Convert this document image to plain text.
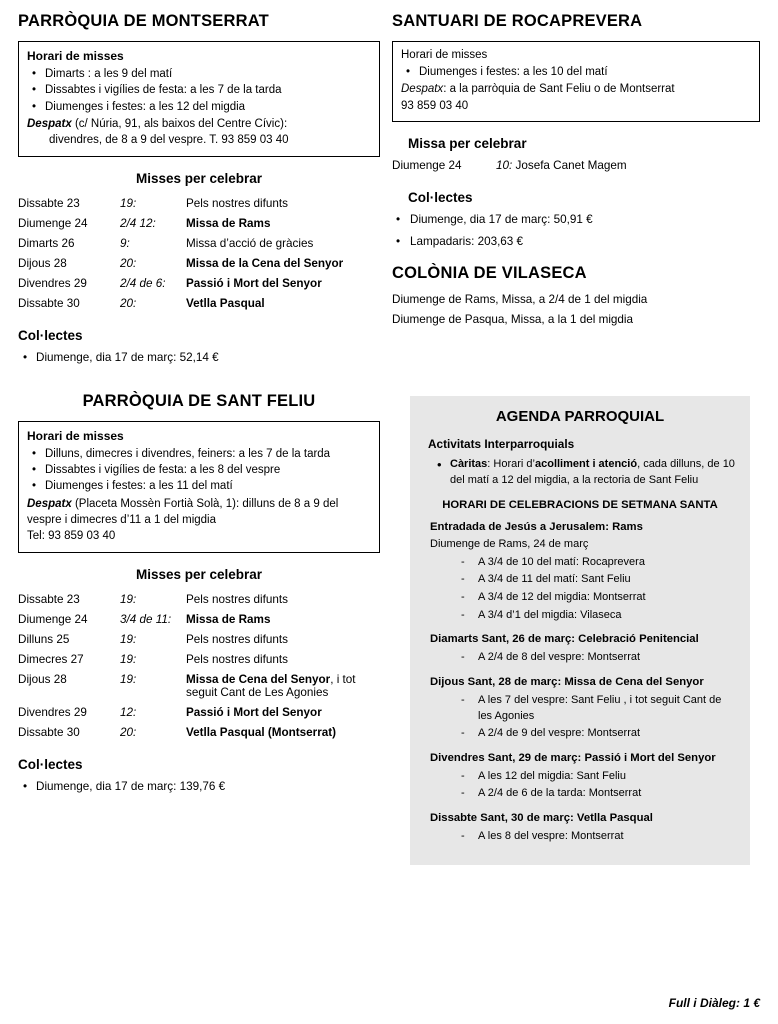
PARRÒQUIA DE MONTSERRAT
Horari de misses
• Dimarts : a les 9 del matí
• Dissabtes i vigílies de festa: a les 7 de la tarda
• Diumenges i festes: a les 12 del migdia
Despatx (c/ Núria, 91, als baixos del Centre Cívic):
divendres, de 8 a 9 del vespre. T. 93 859 03 40
Misses per celebrar
Dissabte 23	19:	Pels nostres difunts
Diumenge 24	2/4 12:	Missa de Rams
Dimarts 26	9:	Missa d’acció de gràcies
Dijous 28	20:	Missa de la Cena del Senyor
Divendres 29	2/4 de 6:	Passió i Mort del Senyor
Dissabte 30	20:	Vetlla Pasqual
Col·lectes
• Diumenge, dia 17 de març: 52,14 €
PARRÒQUIA DE SANT FELIU
Horari de misses
• Dilluns, dimecres i divendres, feiners: a les 7 de la tarda
• Dissabtes i vigílies de festa: a les 8 del vespre
• Diumenges i festes: a les 11 del matí
Despatx (Placeta Mossèn Fortià Solà, 1): dilluns de 8 a 9 del vespre i dimecres d’11 a 1 del migdia
Tel: 93 859 03 40
Misses per celebrar
Dissabte 23	19:	Pels nostres difunts
Diumenge 24	3/4 de 11:	Missa de Rams
Dilluns 25	19:	Pels nostres difunts
Dimecres 27	19:	Pels nostres difunts
Dijous 28	19:	Missa de Cena del Senyor, i tot seguit Cant de Les Agonies
Divendres 29	12:	Passió i Mort del Senyor
Dissabte 30	20:	Vetlla Pasqual (Montserrat)
Col·lectes
• Diumenge, dia 17 de març: 139,76 €
SANTUARI DE ROCAPREVERA
Horari de misses
• Diumenges i festes: a les 10 del matí
Despatx: a la parròquia de Sant Feliu o de Montserrat
93 859 03 40
Missa per celebrar
Diumenge 24	10: Josefa Canet Magem
Col·lectes
• Diumenge, dia 17 de març: 50,91 €
• Lampadaris: 203,63 €
COLÒNIA DE VILASECA
Diumenge de Rams, Missa, a 2/4 de 1 del migdia
Diumenge de Pasqua, Missa, a la 1 del migdia
AGENDA PARROQUIAL
Activitats Interparroquials
• Càritas: Horari d’acolliment i atenció, cada dilluns, de 10 del matí a 12 del migdia, a la rectoria de Sant Feliu
HORARI DE CELEBRACIONS DE SETMANA SANTA
Entradada de Jesús a Jerusalem: Rams
Diumenge de Rams, 24 de març
- A 3/4 de 10 del matí: Rocaprevera
- A 3/4 de 11 del matí: Sant Feliu
- A 3/4 de 12 del migdia: Montserrat
- A 3/4 d’1 del migdia: Vilaseca
Diamarts Sant, 26 de març: Celebració Penitencial
- A 2/4 de 8 del vespre: Montserrat
Dijous Sant, 28 de març: Missa de Cena del Senyor
- A les 7 del vespre: Sant Feliu , i tot seguit Cant de les Agonies
- A 2/4 de 9 del vespre: Montserrat
Divendres Sant, 29 de març: Passió i Mort del Senyor
- A les 12 del migdia: Sant Feliu
- A 2/4 de 6 de la tarda: Montserrat
Dissabte Sant, 30 de març: Vetlla Pasqual
- A les 8 del vespre: Montserrat
Full i Diàleg: 1 €
